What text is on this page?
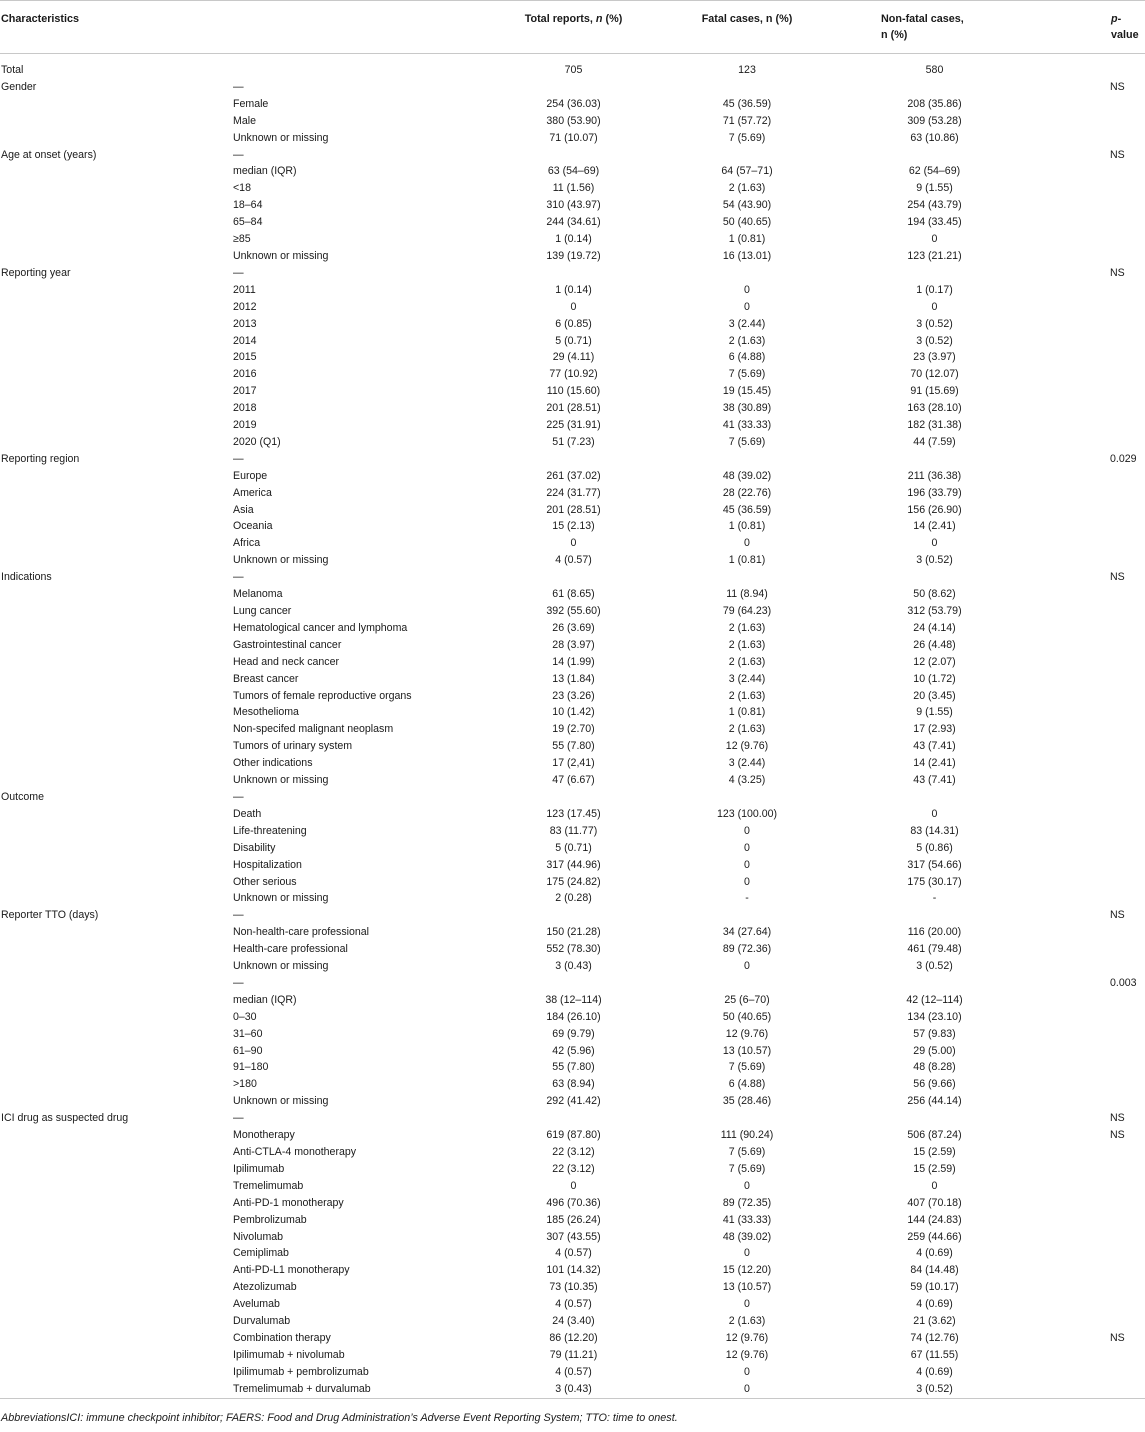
Characteristics		Total reports, n (%)	Fatal cases, n (%)	Non-fatal cases,
n (%)	p-value
Total		705	123	580	
Gender	—				NS
	Female	254 (36.03)	45 (36.59)	208 (35.86)	
	Male	380 (53.90)	71 (57.72)	309 (53.28)	
	Unknown or missing	71 (10.07)	7 (5.69)	63 (10.86)	
Age at onset (years)	—				NS
	median (IQR)	63 (54–69)	64 (57–71)	62 (54–69)	
	<18	11 (1.56)	2 (1.63)	9 (1.55)	
	18–64	310 (43.97)	54 (43.90)	254 (43.79)	
	65–84	244 (34.61)	50 (40.65)	194 (33.45)	
	≥85	1 (0.14)	1 (0.81)	0	
	Unknown or missing	139 (19.72)	16 (13.01)	123 (21.21)	
Reporting year	—				NS
	2011	1 (0.14)	0	1 (0.17)	
	2012	0	0	0	
	2013	6 (0.85)	3 (2.44)	3 (0.52)	
	2014	5 (0.71)	2 (1.63)	3 (0.52)	
	2015	29 (4.11)	6 (4.88)	23 (3.97)	
	2016	77 (10.92)	7 (5.69)	70 (12.07)	
	2017	110 (15.60)	19 (15.45)	91 (15.69)	
	2018	201 (28.51)	38 (30.89)	163 (28.10)	
	2019	225 (31.91)	41 (33.33)	182 (31.38)	
	2020 (Q1)	51 (7.23)	7 (5.69)	44 (7.59)	
Reporting region	—				0.029
	Europe	261 (37.02)	48 (39.02)	211 (36.38)	
	America	224 (31.77)	28 (22.76)	196 (33.79)	
	Asia	201 (28.51)	45 (36.59)	156 (26.90)	
	Oceania	15 (2.13)	1 (0.81)	14 (2.41)	
	Africa	0	0	0	
	Unknown or missing	4 (0.57)	1 (0.81)	3 (0.52)	
Indications	—				NS
	Melanoma	61 (8.65)	11 (8.94)	50 (8.62)	
	Lung cancer	392 (55.60)	79 (64.23)	312 (53.79)	
	Hematological cancer and lymphoma	26 (3.69)	2 (1.63)	24 (4.14)	
	Gastrointestinal cancer	28 (3.97)	2 (1.63)	26 (4.48)	
	Head and neck cancer	14 (1.99)	2 (1.63)	12 (2.07)	
	Breast cancer	13 (1.84)	3 (2.44)	10 (1.72)	
	Tumors of female reproductive organs	23 (3.26)	2 (1.63)	20 (3.45)	
	Mesothelioma	10 (1.42)	1 (0.81)	9 (1.55)	
	Non-specifed malignant neoplasm	19 (2.70)	2 (1.63)	17 (2.93)	
	Tumors of urinary system	55 (7.80)	12 (9.76)	43 (7.41)	
	Other indications	17 (2,41)	3 (2.44)	14 (2.41)	
	Unknown or missing	47 (6.67)	4 (3.25)	43 (7.41)	
Outcome	—				
	Death	123 (17.45)	123 (100.00)	0	
	Life-threatening	83 (11.77)	0	83 (14.31)	
	Disability	5 (0.71)	0	5 (0.86)	
	Hospitalization	317 (44.96)	0	317 (54.66)	
	Other serious	175 (24.82)	0	175 (30.17)	
	Unknown or missing	2 (0.28)	-	-	
Reporter TTO (days)	—				NS
	Non-health-care professional	150 (21.28)	34 (27.64)	116 (20.00)	
	Health-care professional	552 (78.30)	89 (72.36)	461 (79.48)	
	Unknown or missing	3 (0.43)	0	3 (0.52)	
	—				0.003
	median (IQR)	38 (12–114)	25 (6–70)	42 (12–114)	
	0–30	184 (26.10)	50 (40.65)	134 (23.10)	
	31–60	69 (9.79)	12 (9.76)	57 (9.83)	
	61–90	42 (5.96)	13 (10.57)	29 (5.00)	
	91–180	55 (7.80)	7 (5.69)	48 (8.28)	
	>180	63 (8.94)	6 (4.88)	56 (9.66)	
	Unknown or missing	292 (41.42)	35 (28.46)	256 (44.14)	
ICI drug as suspected drug	—				NS
	Monotherapy	619 (87.80)	111 (90.24)	506 (87.24)	NS
	Anti-CTLA-4 monotherapy	22 (3.12)	7 (5.69)	15 (2.59)	
	Ipilimumab	22 (3.12)	7 (5.69)	15 (2.59)	
	Tremelimumab	0	0	0	
	Anti-PD-1 monotherapy	496 (70.36)	89 (72.35)	407 (70.18)	
	Pembrolizumab	185 (26.24)	41 (33.33)	144 (24.83)	
	Nivolumab	307 (43.55)	48 (39.02)	259 (44.66)	
	Cemiplimab	4 (0.57)	0	4 (0.69)	
	Anti-PD-L1 monotherapy	101 (14.32)	15 (12.20)	84 (14.48)	
	Atezolizumab	73 (10.35)	13 (10.57)	59 (10.17)	
	Avelumab	4 (0.57)	0	4 (0.69)	
	Durvalumab	24 (3.40)	2 (1.63)	21 (3.62)	
	Combination therapy	86 (12.20)	12 (9.76)	74 (12.76)	NS
	Ipilimumab + nivolumab	79 (11.21)	12 (9.76)	67 (11.55)	
	Ipilimumab + pembrolizumab	4 (0.57)	0	4 (0.69)	
	Tremelimumab + durvalumab	3 (0.43)	0	3 (0.52)	
AbbreviationsICI: immune checkpoint inhibitor; FAERS: Food and Drug Administration’s Adverse Event Reporting System; TTO: time to onest.
